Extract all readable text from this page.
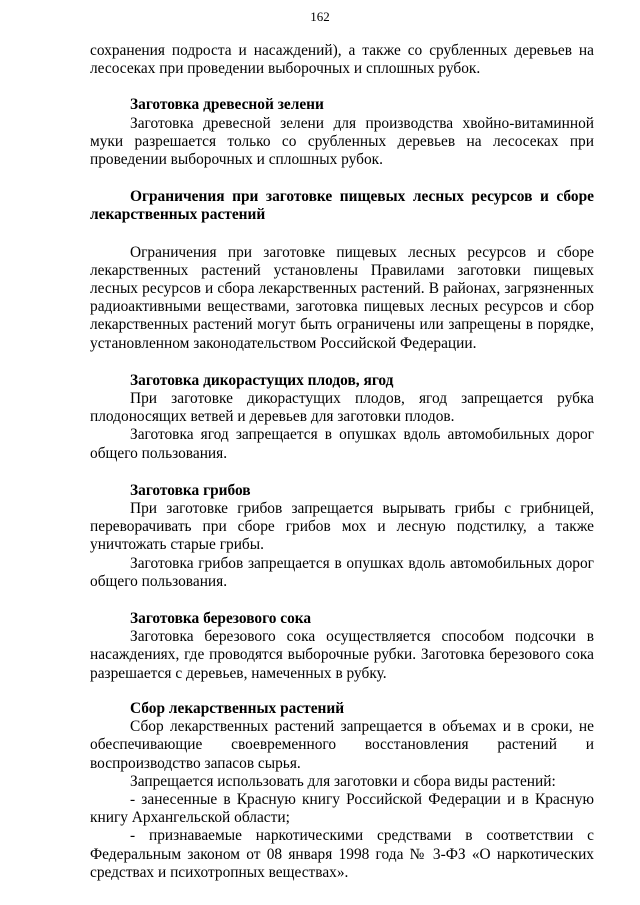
162

сохранения подроста и насаждений), а также со срубленных деревьев на лесосеках при проведении выборочных и сплошных рубок.

Заготовка древесной зелени

Заготовка древесной зелени для производства хвойно-витаминной муки разрешается только со срубленных деревьев на лесосеках при проведении выборочных и сплошных рубок.

Ограничения при заготовке пищевых лесных ресурсов и сборе лекарственных растений

Ограничения при заготовке пищевых лесных ресурсов и сборе лекарственных растений установлены Правилами заготовки пищевых лесных ресурсов и сбора лекарственных растений. В районах, загрязненных радиоактивными веществами, заготовка пищевых лесных ресурсов и сбор лекарственных растений могут быть ограничены или запрещены в порядке, установленном законодательством Российской Федерации.

Заготовка дикорастущих плодов, ягод

При заготовке дикорастущих плодов, ягод запрещается рубка плодоносящих ветвей и деревьев для заготовки плодов.

Заготовка ягод запрещается в опушках вдоль автомобильных дорог общего пользования.

Заготовка грибов

При заготовке грибов запрещается вырывать грибы с грибницей, переворачивать при сборе грибов мох и лесную подстилку, а также уничтожать старые грибы.

Заготовка грибов запрещается в опушках вдоль автомобильных дорог общего пользования.

Заготовка березового сока

Заготовка березового сока осуществляется способом подсочки в насаждениях, где проводятся выборочные рубки. Заготовка березового сока разрешается с деревьев, намеченных в рубку.

Сбор лекарственных растений

Сбор лекарственных растений запрещается в объемах и в сроки, не обеспечивающие своевременного восстановления растений и воспроизводство запасов сырья.

Запрещается использовать для заготовки и сбора виды растений:

- занесенные в Красную книгу Российской Федерации и в Красную книгу Архангельской области;

- признаваемые наркотическими средствами в соответствии с Федеральным законом от 08 января 1998 года № 3-ФЗ «О наркотических средствах и психотропных веществах».
